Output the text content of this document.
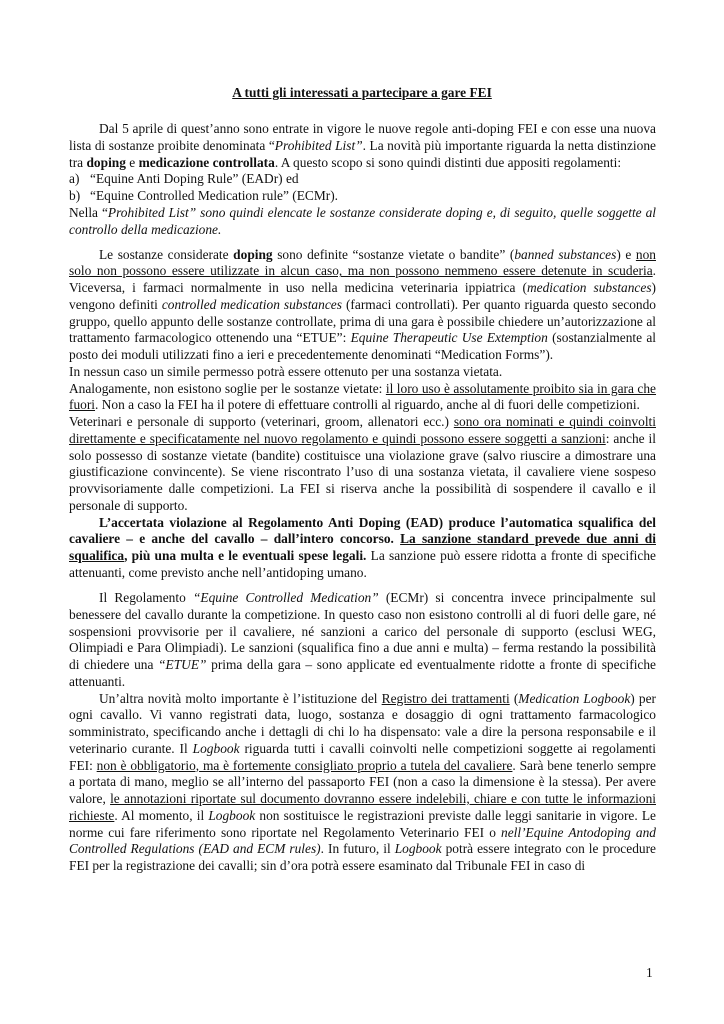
A tutti gli interessati a partecipare a gare FEI

Dal 5 aprile di quest’anno sono entrate in vigore le nuove regole anti-doping FEI e con esse una nuova lista di sostanze proibite denominata “Prohibited List”. La novità più importante riguarda la netta distinzione tra doping e medicazione controllata. A questo scopo si sono quindi distinti due appositi regolamenti:

a) “Equine Anti Doping Rule” (EADr) ed
b) “Equine Controlled Medication rule” (ECMr).

Nella “Prohibited List” sono quindi elencate le sostanze considerate doping e, di seguito, quelle soggette al controllo della medicazione.

Le sostanze considerate doping sono definite “sostanze vietate o bandite” (banned substances) e non solo non possono essere utilizzate in alcun caso, ma non possono nemmeno essere detenute in scuderia. Viceversa, i farmaci normalmente in uso nella medicina veterinaria ippiatrica (medication substances) vengono definiti controlled medication substances (farmaci controllati). Per quanto riguarda questo secondo gruppo, quello appunto delle sostanze controllate, prima di una gara è possibile chiedere un’autorizzazione al trattamento farmacologico ottenendo una “ETUE”: Equine Therapeutic Use Extemption (sostanzialmente al posto dei moduli utilizzati fino a ieri e precedentemente denominati “Medication Forms”).

In nessun caso un simile permesso potrà essere ottenuto per una sostanza vietata.

Analogamente, non esistono soglie per le sostanze vietate: il loro uso è assolutamente proibito sia in gara che fuori. Non a caso la FEI ha il potere di effettuare controlli al riguardo, anche al di fuori delle competizioni.

Veterinari e personale di supporto (veterinari, groom, allenatori ecc.) sono ora nominati e quindi coinvolti direttamente e specificatamente nel nuovo regolamento e quindi possono essere soggetti a sanzioni: anche il solo possesso di sostanze vietate (bandite) costituisce una violazione grave (salvo riuscire a dimostrare una giustificazione convincente). Se viene riscontrato l’uso di una sostanza vietata, il cavaliere viene sospeso provvisoriamente dalle competizioni. La FEI si riserva anche la possibilità di sospendere il cavallo e il personale di supporto.

L’accertata violazione al Regolamento Anti Doping (EAD) produce l’automatica squalifica del cavaliere – e anche del cavallo – dall’intero concorso. La sanzione standard prevede due anni di squalifica, più una multa e le eventuali spese legali. La sanzione può essere ridotta a fronte di specifiche attenuanti, come previsto anche nell’antidoping umano.

Il Regolamento “Equine Controlled Medication” (ECMr) si concentra invece principalmente sul benessere del cavallo durante la competizione. In questo caso non esistono controlli al di fuori delle gare, né sospensioni provvisorie per il cavaliere, né sanzioni a carico del personale di supporto (esclusi WEG, Olimpiadi e Para Olimpiadi). Le sanzioni (squalifica fino a due anni e multa) – ferma restando la possibilità di chiedere una “ETUE” prima della gara – sono applicate ed eventualmente ridotte a fronte di specifiche attenuanti.

Un’altra novità molto importante è l’istituzione del Registro dei trattamenti (Medication Logbook) per ogni cavallo. Vi vanno registrati data, luogo, sostanza e dosaggio di ogni trattamento farmacologico somministrato, specificando anche i dettagli di chi lo ha dispensato: vale a dire la persona responsabile e il veterinario curante. Il Logbook riguarda tutti i cavalli coinvolti nelle competizioni soggette ai regolamenti FEI: non è obbligatorio, ma è fortemente consigliato proprio a tutela del cavaliere. Sarà bene tenerlo sempre a portata di mano, meglio se all’interno del passaporto FEI (non a caso la dimensione è la stessa). Per avere valore, le annotazioni riportate sul documento dovranno essere indelebili, chiare e con tutte le informazioni richieste. Al momento, il Logbook non sostituisce le registrazioni previste dalle leggi sanitarie in vigore. Le norme cui fare riferimento sono riportate nel Regolamento Veterinario FEI o nell’Equine Antodoping and Controlled Regulations (EAD and ECM rules). In futuro, il Logbook potrà essere integrato con le procedure FEI per la registrazione dei cavalli; sin d’ora potrà essere esaminato dal Tribunale FEI in caso di

1
